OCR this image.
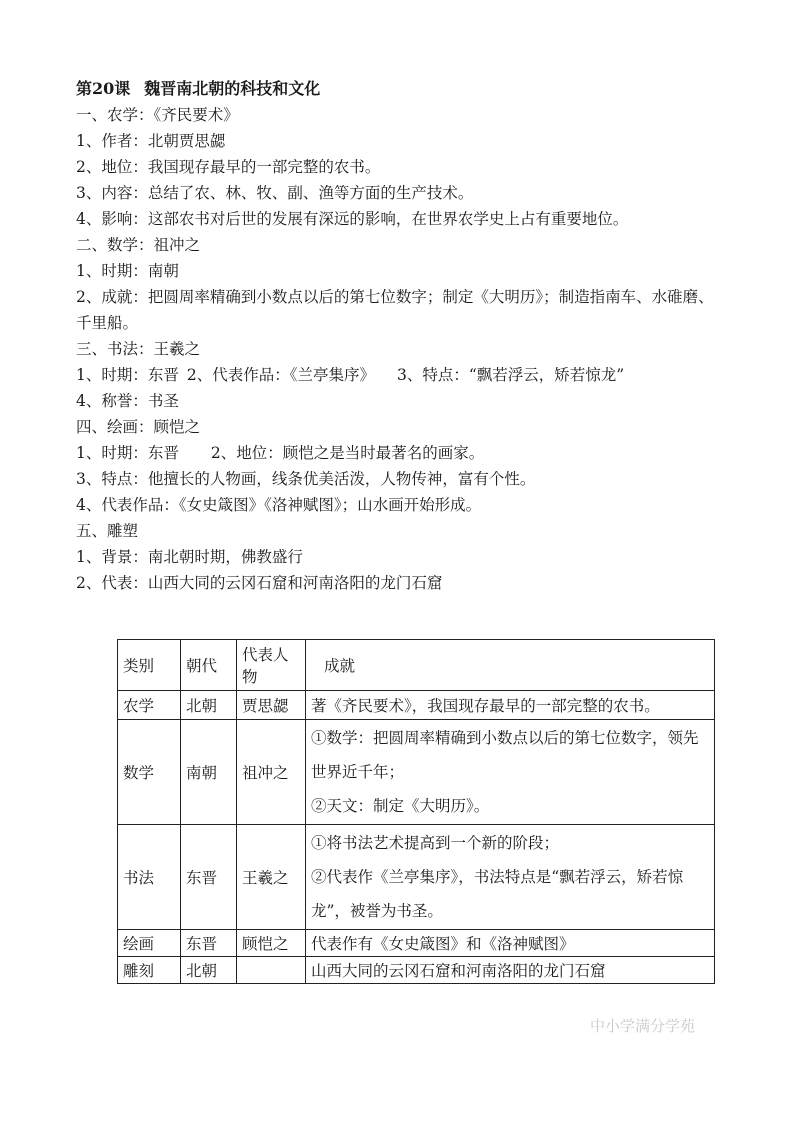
第20课 魏晋南北朝的科技和文化
一、农学：《齐民要术》
1、作者：北朝贾思勰
2、地位：我国现存最早的一部完整的农书。
3、内容：总结了农、林、牧、副、渔等方面的生产技术。
4、影响：这部农书对后世的发展有深远的影响，在世界农学史上占有重要地位。
二、数学：祖冲之
1、时期：南朝
2、成就：把圆周率精确到小数点以后的第七位数字；制定《大明历》；制造指南车、水碓磨、千里船。
三、书法：王羲之
1、时期：东晋 2、代表作品：《兰亭集序》 3、特点：“飘若浮云，矫若惊龙”
4、称誉：书圣
四、绘画：顾恺之
1、时期：东晋 2、地位：顾恺之是当时最著名的画家。
3、特点：他擅长的人物画，线条优美活泼，人物传神，富有个性。
4、代表作品：《女史箴图》《洛神赋图》；山水画开始形成。
五、雕塑
1、背景：南北朝时期，佛教盛行
2、代表：山西大同的云冈石窟和河南洛阳的龙门石窟
类别	朝代	代表人物	成就
农学	北朝	贾思勰	著《齐民要术》，我国现存最早的一部完整的农书。

数学	南朝	祖冲之	①数学：把圆周率精确到小数点以后的第七位数字，领先世界近千年；
②天文：制定《大明历》。

书法	东晋	王羲之	①将书法艺术提高到一个新的阶段；
②代表作《兰亭集序》，书法特点是“飘若浮云，矫若惊龙”，被誉为书圣。

绘画	东晋	顾恺之	代表作有《女史箴图》和《洛神赋图》

雕刻	北朝		山西大同的云冈石窟和河南洛阳的龙门石窟
中小学满分学苑
